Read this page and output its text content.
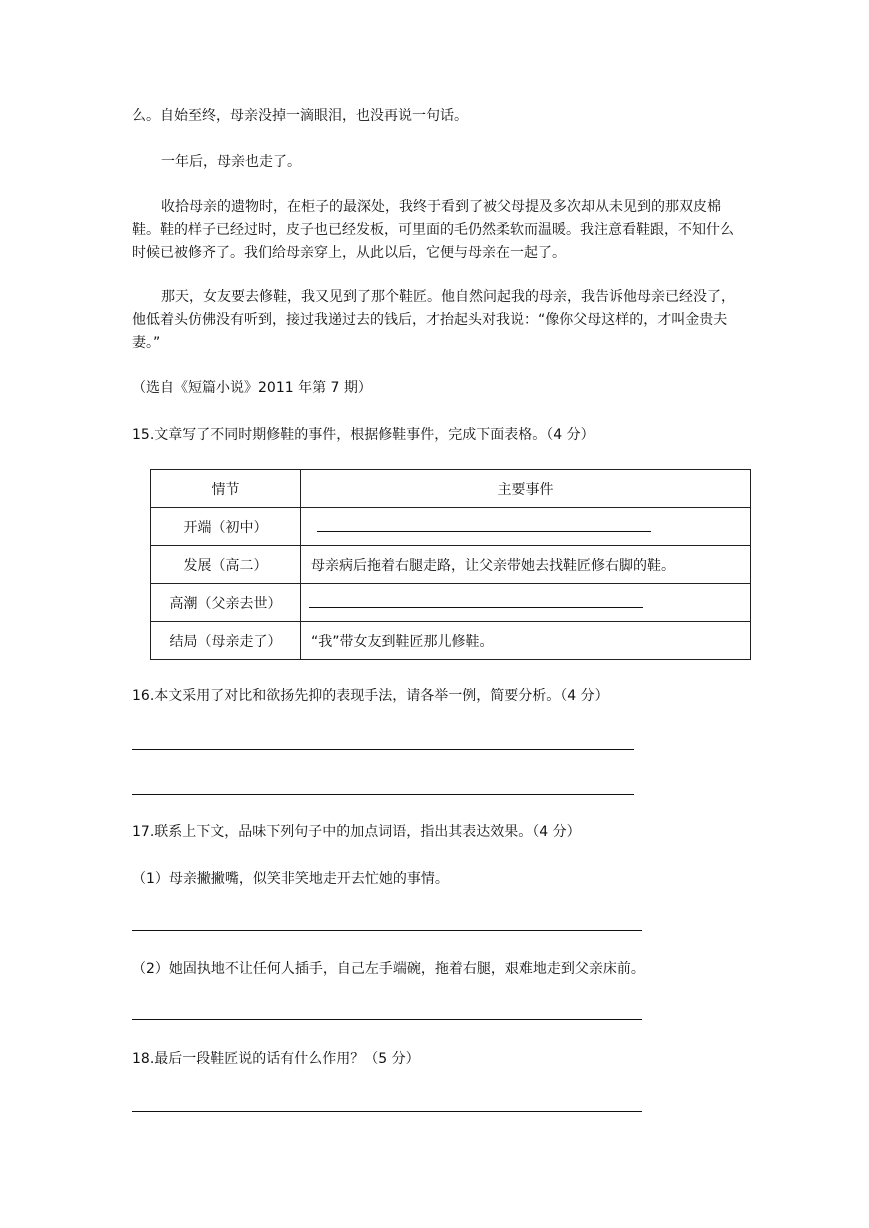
么。自始至终，母亲没掉一滴眼泪，也没再说一句话。
一年后，母亲也走了。
收拾母亲的遗物时，在柜子的最深处，我终于看到了被父母提及多次却从未见到的那双皮棉鞋。鞋的样子已经过时，皮子也已经发板，可里面的毛仍然柔软而温暖。我注意看鞋跟，不知什么时候已被修齐了。我们给母亲穿上，从此以后，它便与母亲在一起了。
那天，女友要去修鞋，我又见到了那个鞋匠。他自然问起我的母亲，我告诉他母亲已经没了，他低着头仿佛没有听到，接过我递过去的钱后，才抬起头对我说：“像你父母这样的，才叫金贵夫妻。”
（选自《短篇小说》2011 年第 7 期）
15.文章写了不同时期修鞋的事件，根据修鞋事件，完成下面表格。（4 分）
情节	主要事件
开端（初中）	
发展（高二）	母亲病后拖着右腿走路，让父亲带她去找鞋匠修右脚的鞋。
高潮（父亲去世）	
结局（母亲走了）	“我”带女友到鞋匠那儿修鞋。
16.本文采用了对比和欲扬先抑的表现手法，请各举一例，简要分析。（4 分）
17.联系上下文，品味下列句子中的加点词语，指出其表达效果。（4 分）
（1）母亲撇撇嘴，似笑非笑地走开去忙她的事情。
（2）她固执地不让任何人插手，自己左手端碗，拖着右腿，艰难地走到父亲床前。
18.最后一段鞋匠说的话有什么作用？（5 分）
